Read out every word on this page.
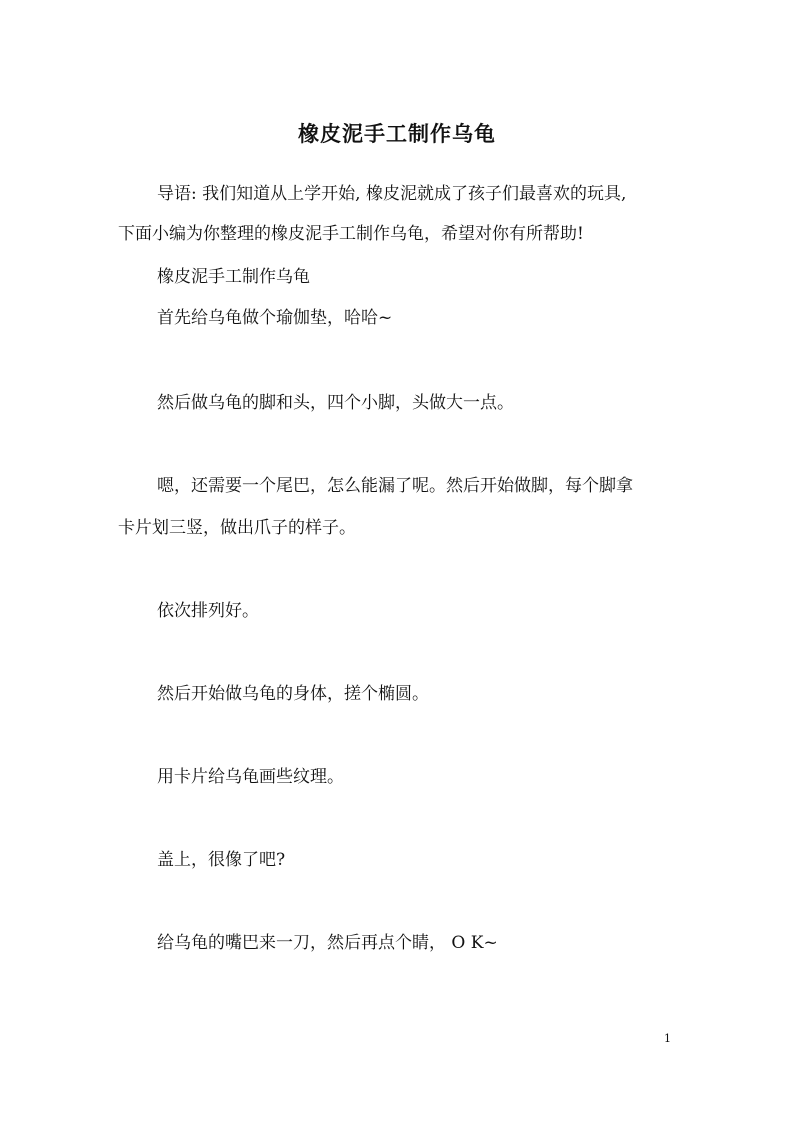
橡皮泥手工制作乌龟
导语: 我们知道从上学开始, 橡皮泥就成了孩子们最喜欢的玩具,
下面小编为你整理的橡皮泥手工制作乌龟，希望对你有所帮助!
橡皮泥手工制作乌龟
首先给乌龟做个瑜伽垫，哈哈~
然后做乌龟的脚和头，四个小脚，头做大一点。
嗯，还需要一个尾巴，怎么能漏了呢。然后开始做脚，每个脚拿
卡片划三竖，做出爪子的样子。
依次排列好。
然后开始做乌龟的身体，搓个椭圆。
用卡片给乌龟画些纹理。
盖上，很像了吧?
给乌龟的嘴巴来一刀，然后再点个睛， O K~
1
